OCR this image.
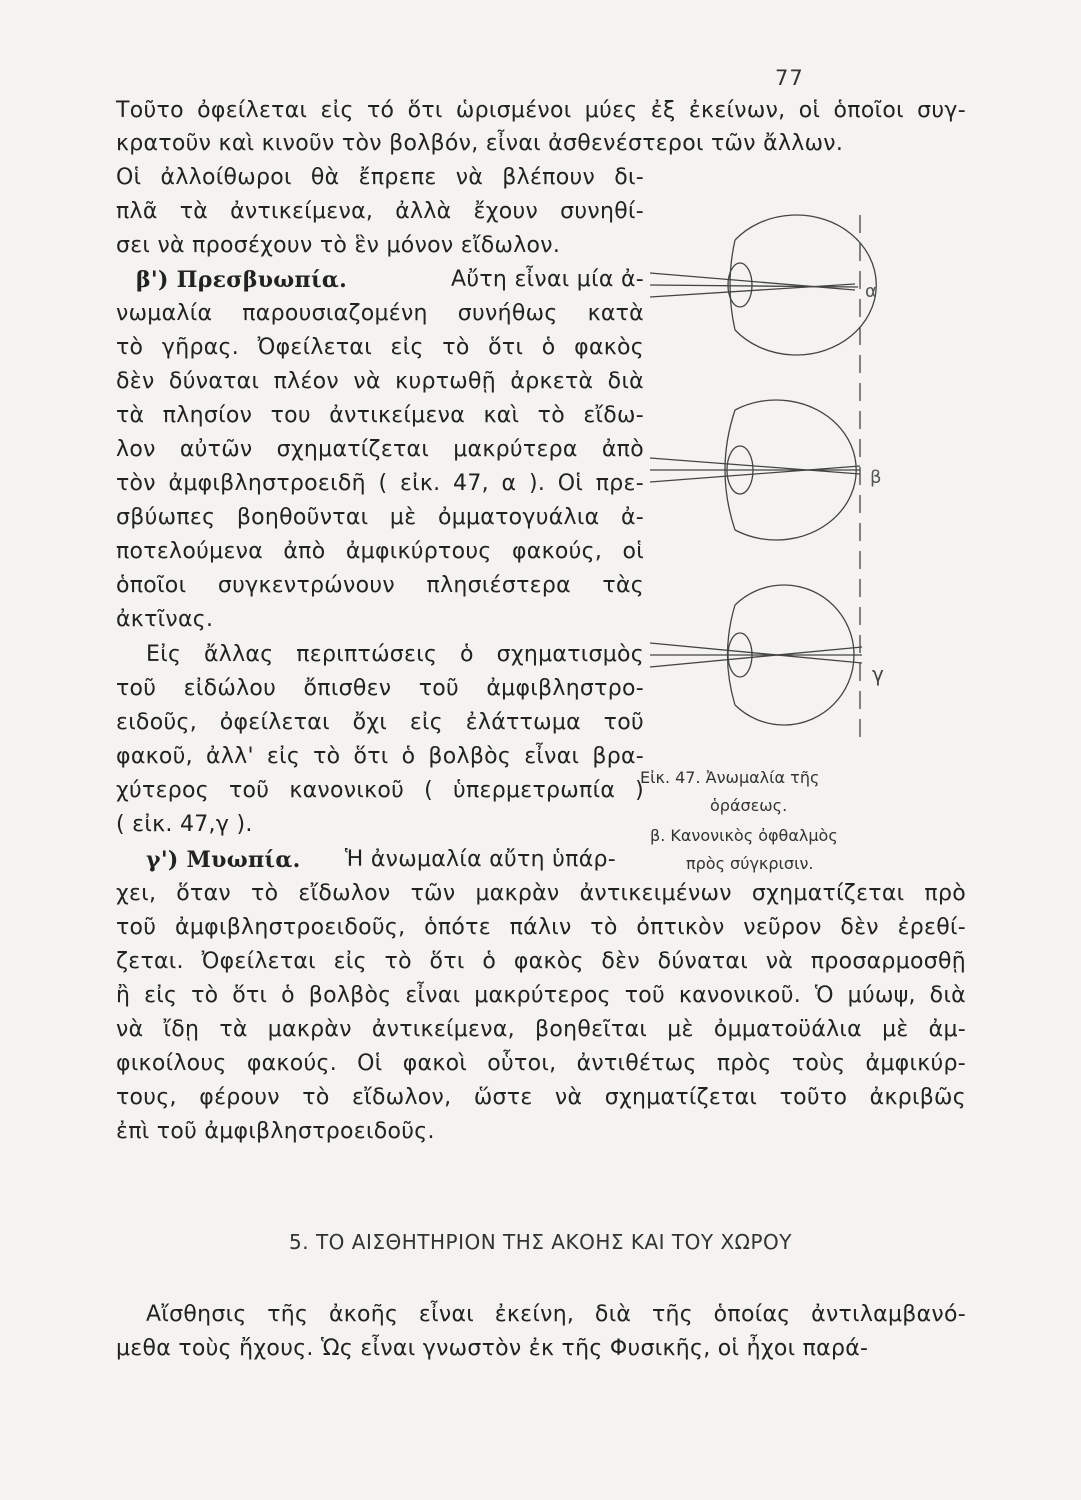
77
Τοῦτο ὀφείλεται εἰς τό ὅτι ὡρισμένοι μύες ἐξ ἐκείνων, οἱ ὁποῖοι συγ-
κρατοῦν καὶ κινοῦν τὸν βολβόν, εἶναι ἀσθενέστεροι τῶν ἄλλων.
Οἱ ἀλλοίθωροι θὰ ἔπρεπε νὰ βλέπουν δι-
πλᾶ τὰ ἀντικείμενα, ἀλλὰ ἔχουν συνηθί-
σει νὰ προσέχουν τὸ ἓν μόνον εἴδωλον.
β') Πρεσβυωπία.	Αὔτη εἶναι μία ἀ-
νωμαλία παρουσιαζομένη συνήθως κατὰ
τὸ γῆρας. Ὀφείλεται εἰς τὸ ὅτι ὁ φακὸς
δὲν δύναται πλέον νὰ κυρτωθῇ ἀρκετὰ διὰ
τὰ πλησίον του ἀντικείμενα καὶ τὸ εἴδω-
λον αὐτῶν σχηματίζεται μακρύτερα ἀπὸ
τὸν ἀμφιβληστροειδῆ ( εἰκ. 47, α ). Οἱ πρε-
σβύωπες βοηθοῦνται μὲ ὀμματογυάλια ἀ-
ποτελούμενα ἀπὸ ἀμφικύρτους φακούς, οἱ
ὁποῖοι συγκεντρώνουν πλησιέστερα τὰς
ἀκτῖνας.
Εἰς ἄλλας περιπτώσεις ὁ σχηματισμὸς
τοῦ εἰδώλου ὄπισθεν τοῦ ἀμφιβληστρο-
ειδοῦς, ὀφείλεται ὄχι εἰς ἐλάττωμα τοῦ
φακοῦ, ἀλλ' εἰς τὸ ὅτι ὁ βολβὸς εἶναι βρα-
χύτερος τοῦ κανονικοῦ ( ὑπερμετρωπία )
( εἰκ. 47,γ ).
γ') Μυωπία. Ἡ ἀνωμαλία αὔτη ὑπάρ-
χει, ὅταν τὸ εἴδωλον τῶν μακρὰν ἀντικειμένων σχηματίζεται πρὸ
τοῦ ἀμφιβληστροειδοῦς, ὁπότε πάλιν τὸ ὀπτικὸν νεῦρον δὲν ἐρεθί-
ζεται. Ὀφείλεται εἰς τὸ ὅτι ὁ φακὸς δὲν δύναται νὰ προσαρμοσθῇ
ἢ εἰς τὸ ὅτι ὁ βολβὸς εἶναι μακρύτερος τοῦ κανονικοῦ. Ὁ μύωψ, διὰ
νὰ ἴδῃ τὰ μακρὰν ἀντικείμενα, βοηθεῖται μὲ ὀμματοϋάλια μὲ ἀμ-
φικοίλους φακούς. Οἱ φακοὶ οὗτοι, ἀντιθέτως πρὸς τοὺς ἀμφικύρ-
τους, φέρουν τὸ εἴδωλον, ὥστε νὰ σχηματίζεται τοῦτο ἀκριβῶς
ἐπὶ τοῦ ἀμφιβληστροειδοῦς.
5. ΤΟ ΑΙΣΘΗΤΗΡΙΟΝ ΤΗΣ ΑΚΟΗΣ ΚΑΙ ΤΟΥ ΧΩΡΟΥ
Αἴσθησις τῆς ἀκοῆς εἶναι ἐκείνη, διὰ τῆς ὁποίας ἀντιλαμβανό-
μεθα τοὺς ἤχους. Ὡς εἶναι γνωστὸν ἐκ τῆς Φυσικῆς, οἱ ἦχοι παρά-
α
β
γ
Εἰκ. 47. Ἀνωμαλία τῆς
ὁράσεως.
β. Κανονικὸς ὀφθαλμὸς
πρὸς σύγκρισιν.
